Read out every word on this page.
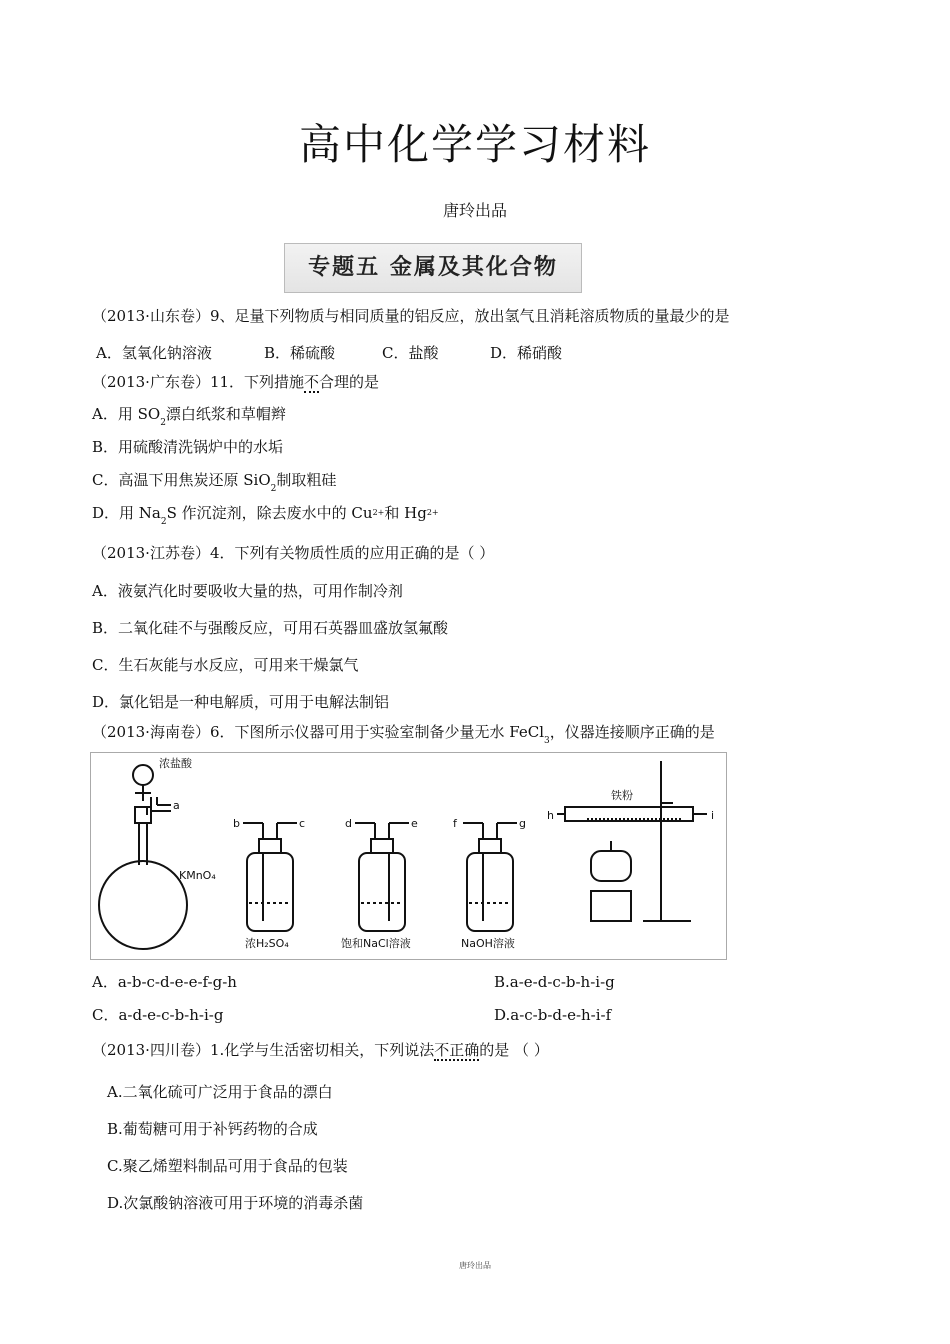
高中化学学习材料
唐玲出品
专题五 金属及其化合物
（2013·山东卷）9、足量下列物质与相同质量的铝反应，放出氢气且消耗溶质物质的量最少的是
A．氢氧化钠溶液	B．稀硫酸	C．盐酸	D．稀硝酸
（2013·广东卷）11．下列措施不合理的是
A．用 $SO_2$漂白纸浆和草帽辫
B．用硫酸清洗锅炉中的水垢
C．高温下用焦炭还原 SiO$_2$制取粗硅
D．用 $Na_2S$ 作沉淀剂，除去废水中的 $Cu^{2+}$和 $Hg^{2+}$
（2013·江苏卷）4．下列有关物质性质的应用正确的是（ ）
A．液氨汽化时要吸收大量的热，可用作制冷剂
B．二氧化硅不与强酸反应，可用石英器皿盛放氢氟酸
C．生石灰能与水反应，可用来干燥氯气
D．氯化铝是一种电解质，可用于电解法制铝
（2013·海南卷）6．下图所示仪器可用于实验室制备少量无水 FeCl$_3$，仪器连接顺序正确的是
浓盐酸
a
KMnO₄
b	c
浓H₂SO₄
d	e
饱和NaCl溶液
f	g
NaOH溶液
铁粉
h	i
A．a-b-c-d-e-e-f-g-h	B.a-e-d-c-b-h-i-g
C．a-d-e-c-b-h-i-g	D.a-c-b-d-e-h-i-f
（2013·四川卷）1.化学与生活密切相关，下列说法不正确的是 （ ）
A.二氧化硫可广泛用于食品的漂白
B.葡萄糖可用于补钙药物的合成
C.聚乙烯塑料制品可用于食品的包装
D.次氯酸钠溶液可用于环境的消毒杀菌
唐玲出品
